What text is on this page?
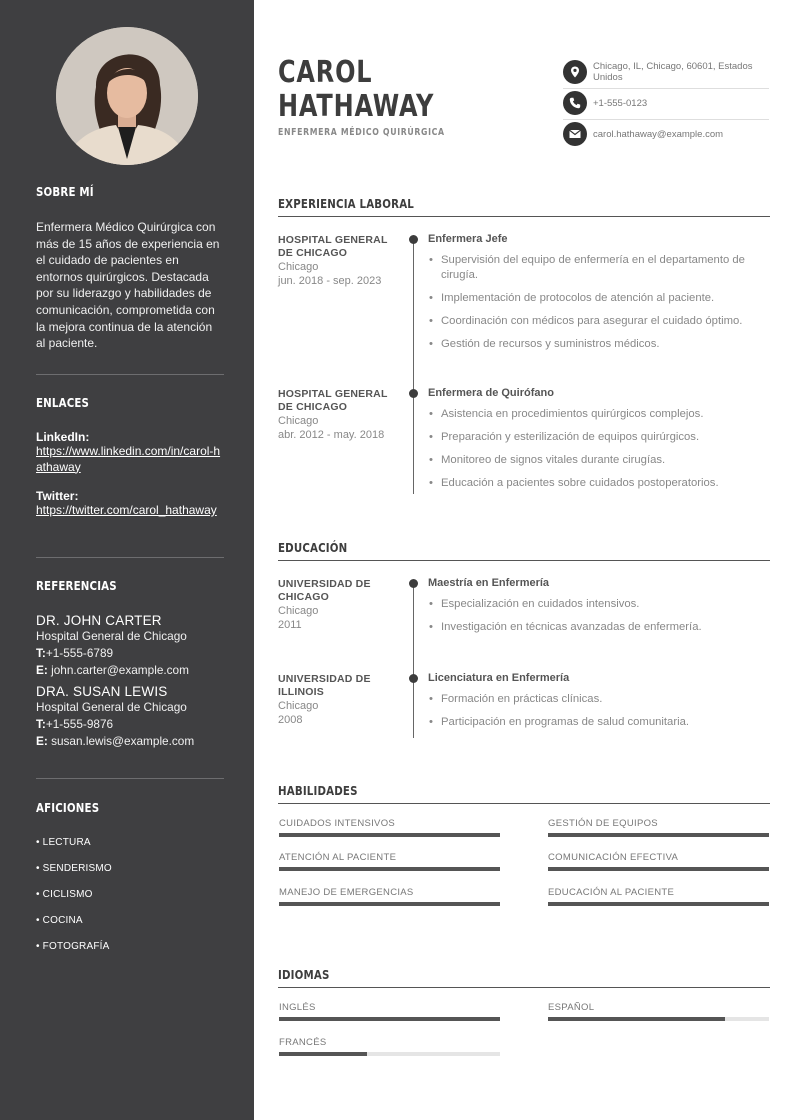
SOBRE MÍ
Enfermera Médico Quirúrgica con más de 15 años de experiencia en el cuidado de pacientes en entornos quirúrgicos. Destacada por su liderazgo y habilidades de comunicación, comprometida con la mejora continua de la atención al paciente.
ENLACES
LinkedIn:
https://www.linkedin.com/in/carol-hathaway
Twitter:
https://twitter.com/carol_hathaway
REFERENCIAS
DR. JOHN CARTER
Hospital General de Chicago
T:+1-555-6789
E: john.carter@example.com
DRA. SUSAN LEWIS
Hospital General de Chicago
T:+1-555-9876
E: susan.lewis@example.com
AFICIONES
• LECTURA
• SENDERISMO
• CICLISMO
• COCINA
• FOTOGRAFÍA
CAROL
HATHAWAY
ENFERMERA MÉDICO QUIRÚRGICA
Chicago, IL, Chicago, 60601, Estados Unidos
+1-555-0123
carol.hathaway@example.com
EXPERIENCIA LABORAL
HOSPITAL GENERAL DE CHICAGO
Chicago
jun. 2018 - sep. 2023
Enfermera Jefe
• Supervisión del equipo de enfermería en el departamento de cirugía.
• Implementación de protocolos de atención al paciente.
• Coordinación con médicos para asegurar el cuidado óptimo.
• Gestión de recursos y suministros médicos.
HOSPITAL GENERAL DE CHICAGO
Chicago
abr. 2012 - may. 2018
Enfermera de Quirófano
• Asistencia en procedimientos quirúrgicos complejos.
• Preparación y esterilización de equipos quirúrgicos.
• Monitoreo de signos vitales durante cirugías.
• Educación a pacientes sobre cuidados postoperatorios.
EDUCACIÓN
UNIVERSIDAD DE CHICAGO
Chicago
2011
Maestría en Enfermería
• Especialización en cuidados intensivos.
• Investigación en técnicas avanzadas de enfermería.
UNIVERSIDAD DE ILLINOIS
Chicago
2008
Licenciatura en Enfermería
• Formación en prácticas clínicas.
• Participación en programas de salud comunitaria.
HABILIDADES
CUIDADOS INTENSIVOS	GESTIÓN DE EQUIPOS
ATENCIÓN AL PACIENTE	COMUNICACIÓN EFECTIVA
MANEJO DE EMERGENCIAS	EDUCACIÓN AL PACIENTE
IDIOMAS
INGLÉS	ESPAÑOL
FRANCÉS
